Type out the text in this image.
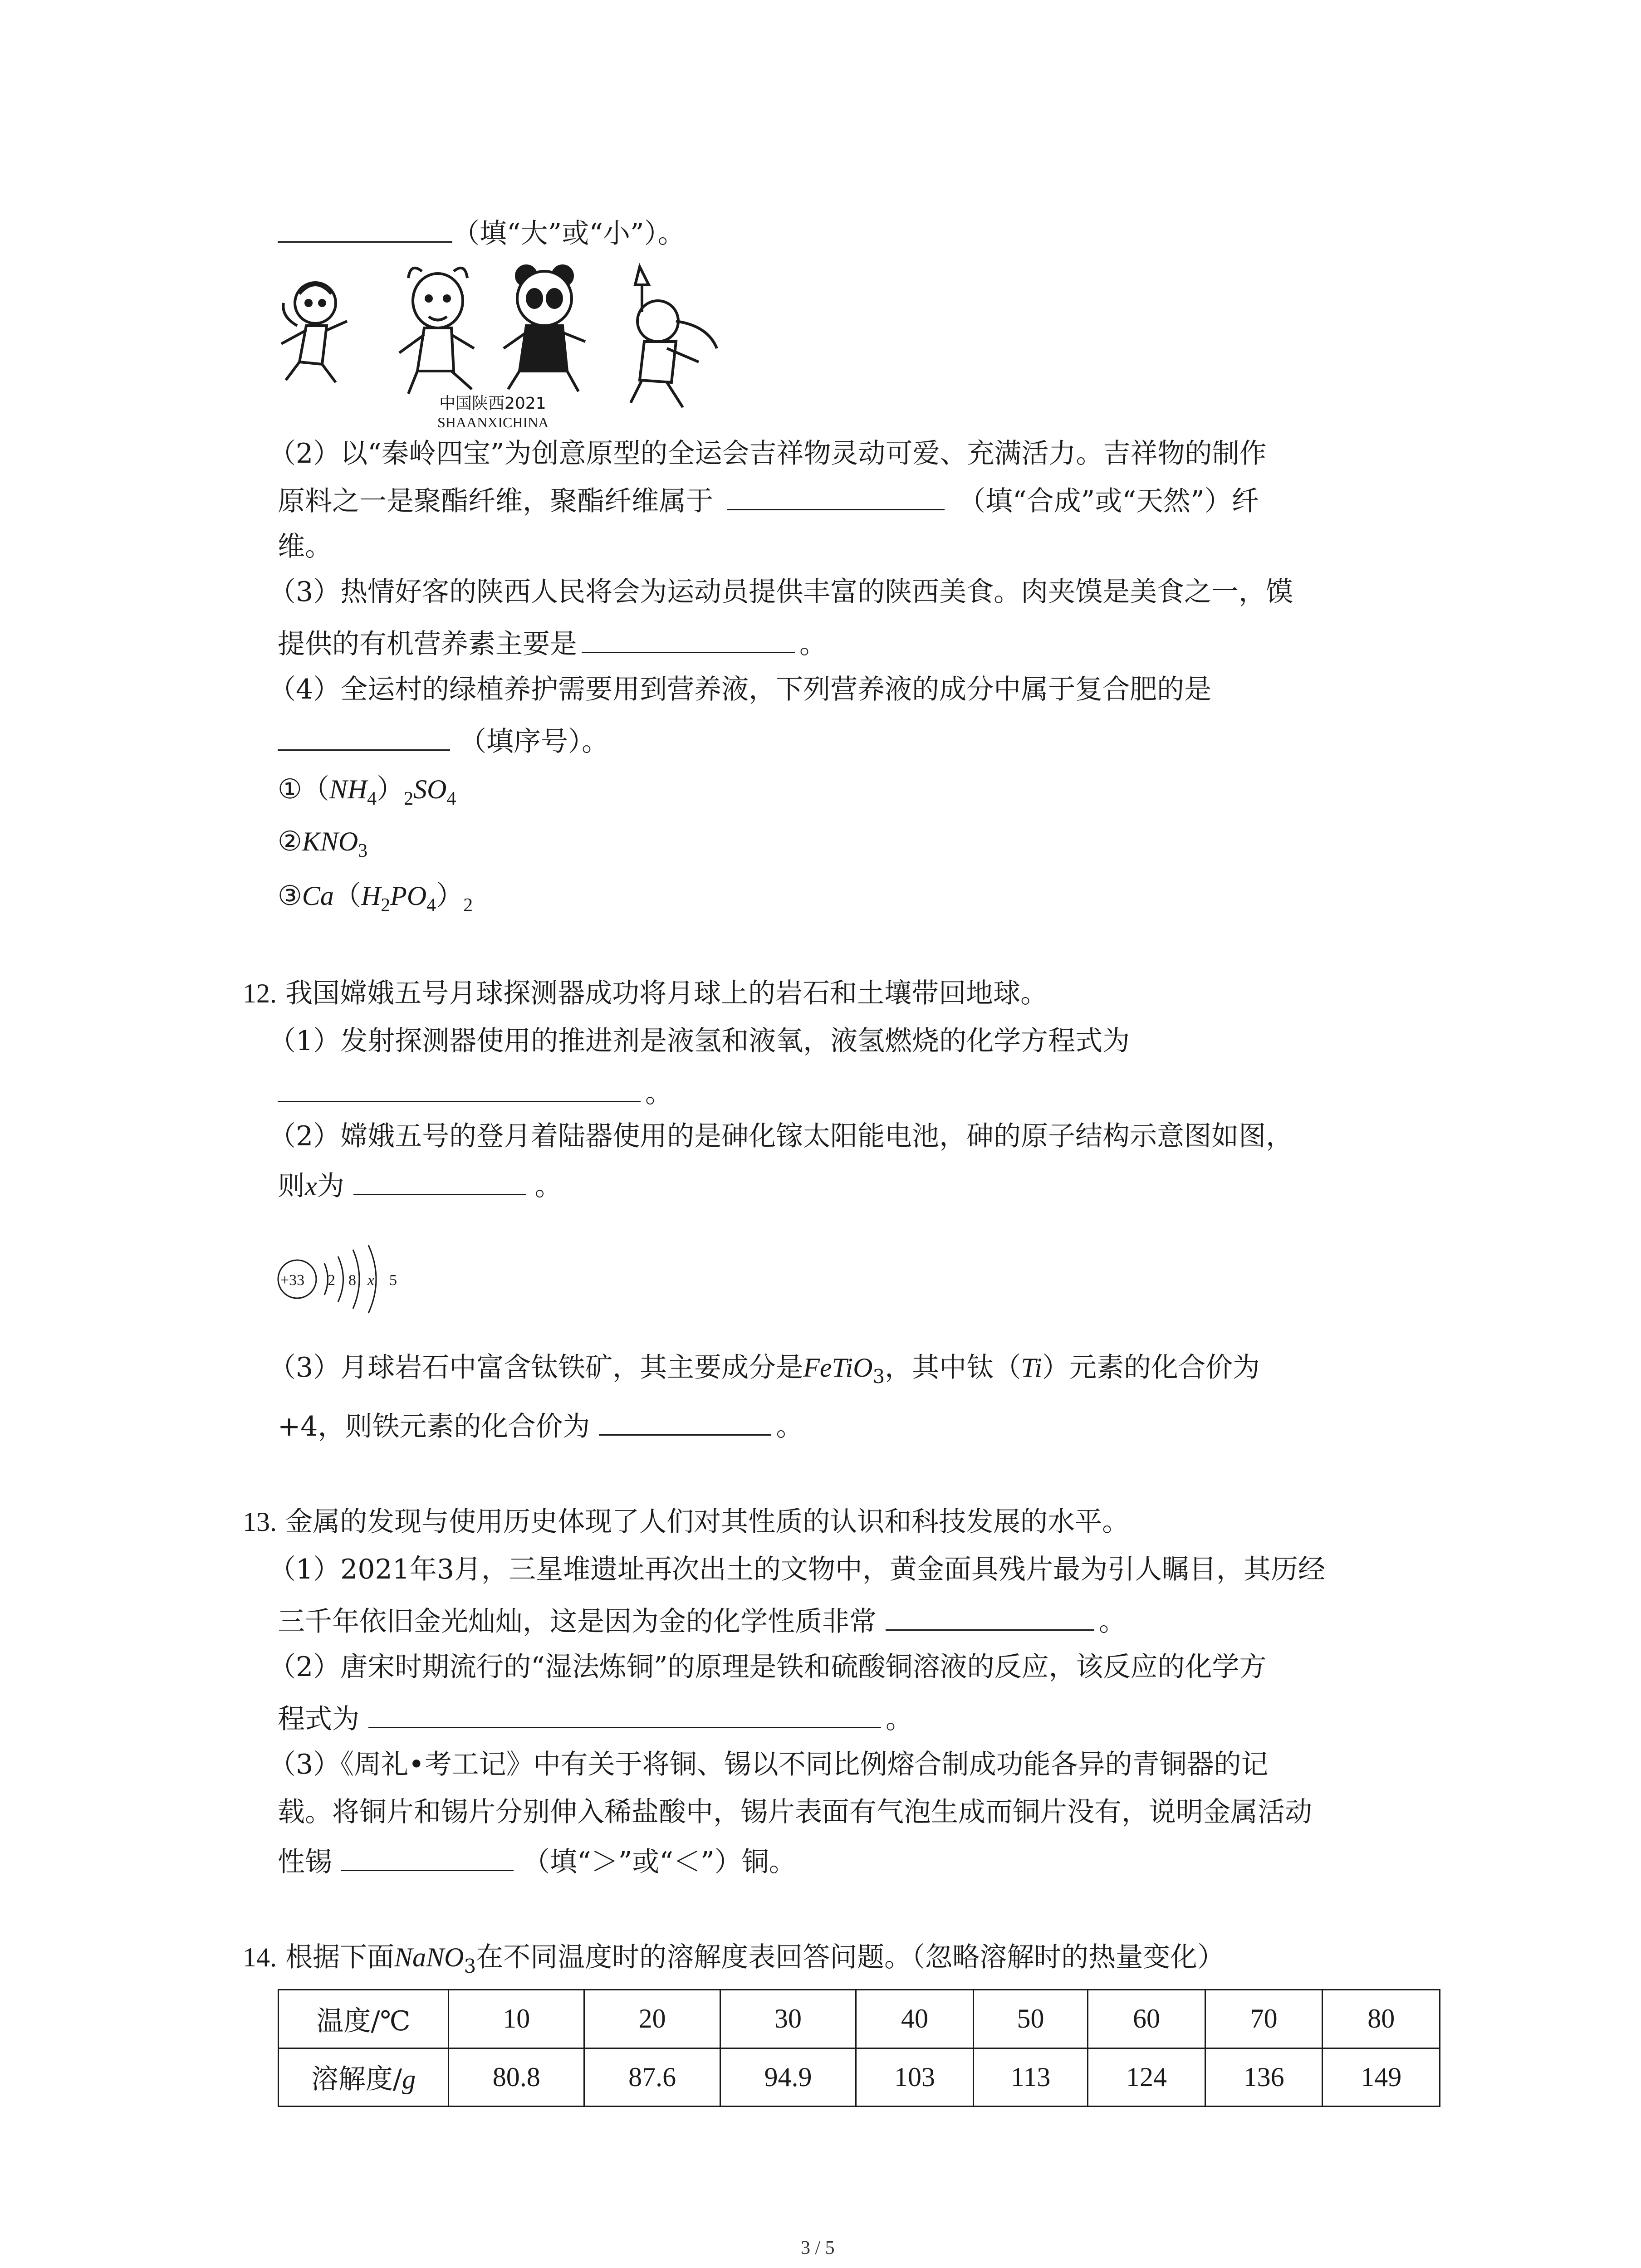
（填“大”或“小”）。
中国陕西2021
SHAANXICHINA
（2）以“秦岭四宝”为创意原型的全运会吉祥物灵动可爱、充满活力。吉祥物的制作
原料之一是聚酯纤维，聚酯纤维属于	（填“合成”或“天然”）纤
维。
（3）热情好客的陕西人民将会为运动员提供丰富的陕西美食。肉夹馍是美食之一，馍
提供的有机营养素主要是	。
（4）全运村的绿植养护需要用到营养液，下列营养液的成分中属于复合肥的是
（填序号）。
$①(NH_4)_2SO_4$
$②KNO_3$
$③Ca(H_2PO_4)_2$
12. 我国嫦娥五号月球探测器成功将月球上的岩石和土壤带回地球。
（1）发射探测器使用的推进剂是液氢和液氧，液氢燃烧的化学方程式为
。
（2）嫦娥五号的登月着陆器使用的是砷化镓太阳能电池，砷的原子结构示意图如图，
则x为	。
+33 2 8 x 5
（3）月球岩石中富含钛铁矿，其主要成分是FeTiO$_3$，其中钛（Ti）元素的化合价为
+4，则铁元素的化合价为	。
13. 金属的发现与使用历史体现了人们对其性质的认识和科技发展的水平。
（1）2021年3月，三星堆遗址再次出土的文物中，黄金面具残片最为引人瞩目，其历经
三千年依旧金光灿灿，这是因为金的化学性质非常	。
（2）唐宋时期流行的“湿法炼铜”的原理是铁和硫酸铜溶液的反应，该反应的化学方
程式为	。
（3）《周礼•考工记》中有关于将铜、锡以不同比例熔合制成功能各异的青铜器的记
载。将铜片和锡片分别伸入稀盐酸中，锡片表面有气泡生成而铜片没有，说明金属活动
性锡	（填“＞”或“＜”）铜。
14. 根据下面NaNO$_3$在不同温度时的溶解度表回答问题。（忽略溶解时的热量变化）
温度/℃	10	20	30	40	50	60	70	80
溶解度/g	80.8	87.6	94.9	103	113	124	136	149
3 / 5
